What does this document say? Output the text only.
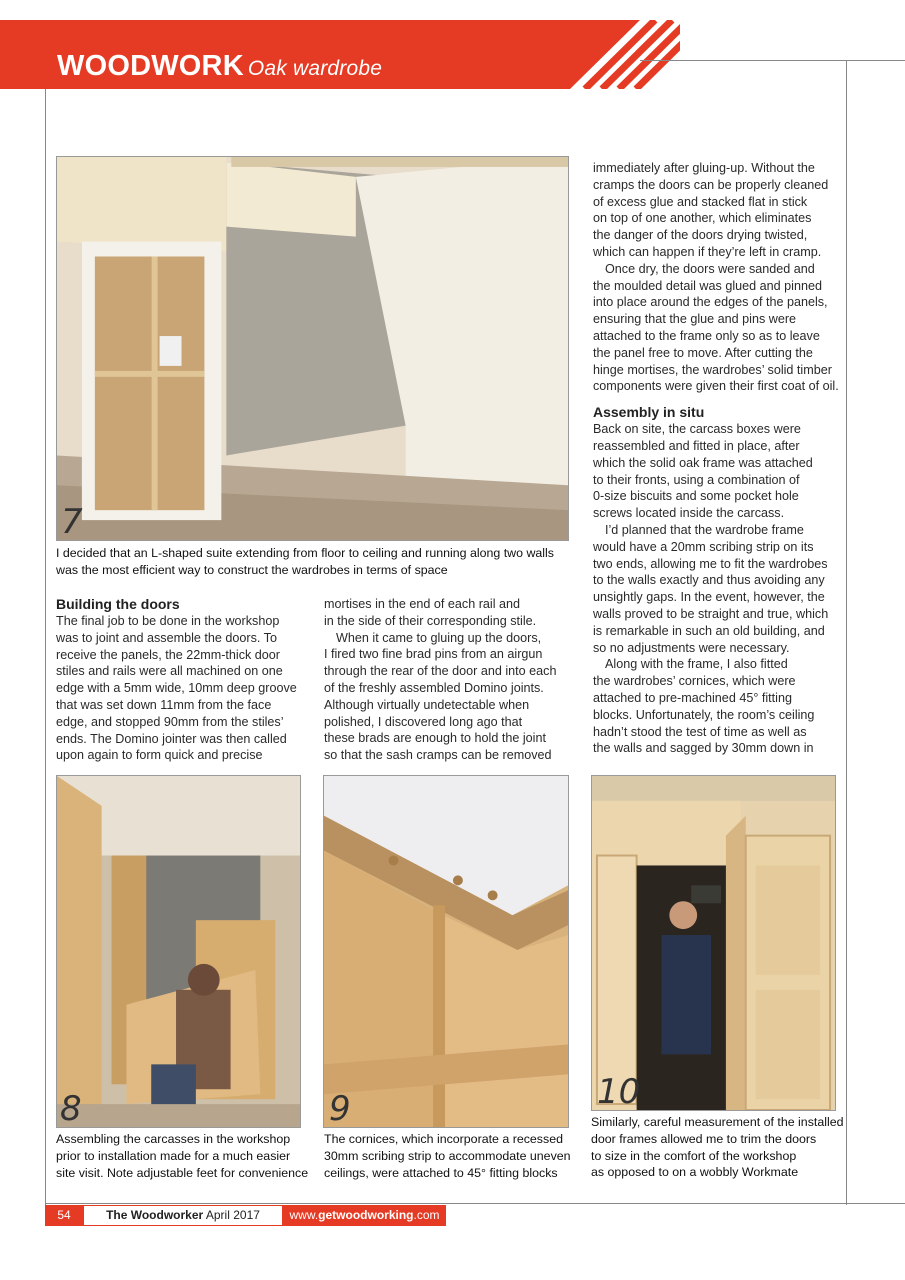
WOODWORK Oak wardrobe
7
I decided that an L-shaped suite extending from floor to ceiling and running along two walls
was the most efficient way to construct the wardrobes in terms of space
Building the doors

The final job to be done in the workshop

was to joint and assemble the doors. To

receive the panels, the 22mm-thick door

stiles and rails were all machined on one

edge with a 5mm wide, 10mm deep groove

that was set down 11mm from the face

edge, and stopped 90mm from the stiles’

ends. The Domino jointer was then called

upon again to form quick and precise

mortises in the end of each rail and

in the side of their corresponding stile.

When it came to gluing up the doors,

I fired two fine brad pins from an airgun

through the rear of the door and into each

of the freshly assembled Domino joints.

Although virtually undetectable when

polished, I discovered long ago that

these brads are enough to hold the joint

so that the sash cramps can be removed

immediately after gluing-up. Without the

cramps the doors can be properly cleaned

of excess glue and stacked flat in stick

on top of one another, which eliminates

the danger of the doors drying twisted,

which can happen if they’re left in cramp.

Once dry, the doors were sanded and

the moulded detail was glued and pinned

into place around the edges of the panels,

ensuring that the glue and pins were

attached to the frame only so as to leave

the panel free to move. After cutting the

hinge mortises, the wardrobes’ solid timber

components were given their first coat of oil.

Assembly in situ

Back on site, the carcass boxes were

reassembled and fitted in place, after

which the solid oak frame was attached

to their fronts, using a combination of

0-size biscuits and some pocket hole

screws located inside the carcass.

I’d planned that the wardrobe frame

would have a 20mm scribing strip on its

two ends, allowing me to fit the wardrobes

to the walls exactly and thus avoiding any

unsightly gaps. In the event, however, the

walls proved to be straight and true, which

is remarkable in such an old building, and

so no adjustments were necessary.

Along with the frame, I also fitted

the wardrobes’ cornices, which were

attached to pre-machined 45° fitting

blocks. Unfortunately, the room’s ceiling

hadn’t stood the test of time as well as

the walls and sagged by 30mm down in

8
Assembling the carcasses in the workshop
prior to installation made for a much easier
site visit. Note adjustable feet for convenience
9
The cornices, which incorporate a recessed
30mm scribing strip to accommodate uneven
ceilings, were attached to 45° fitting blocks
10
Similarly, careful measurement of the installed
door frames allowed me to trim the doors
to size in the comfort of the workshop
as opposed to on a wobbly Workmate
54	The Woodworker April 2017	www.getwoodworking.com
